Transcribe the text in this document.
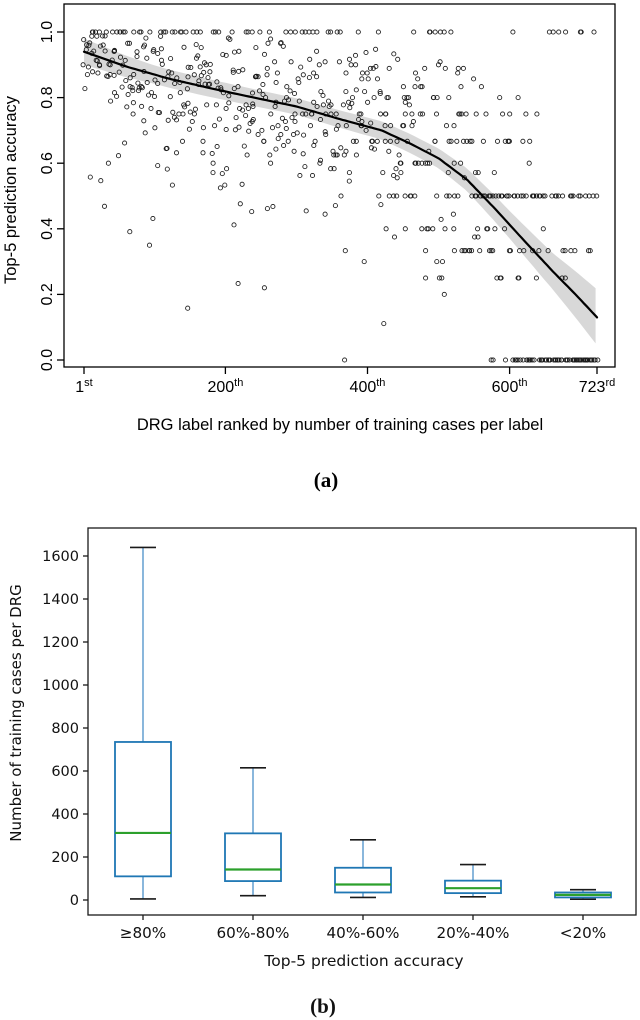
0.0
0.2
0.4
0.6
0.8
1.0
1st	200th	400th	600th	723rd
Top-5 prediction accuracy
DRG label ranked by number of training cases per label
(a)
0
200
400
600
800
1000
1200
1400
1600
≥80%	60%-80% 40%-60% 20%-40%	<20%
Number of training cases per DRG
Top-5 prediction accuracy
(b)
